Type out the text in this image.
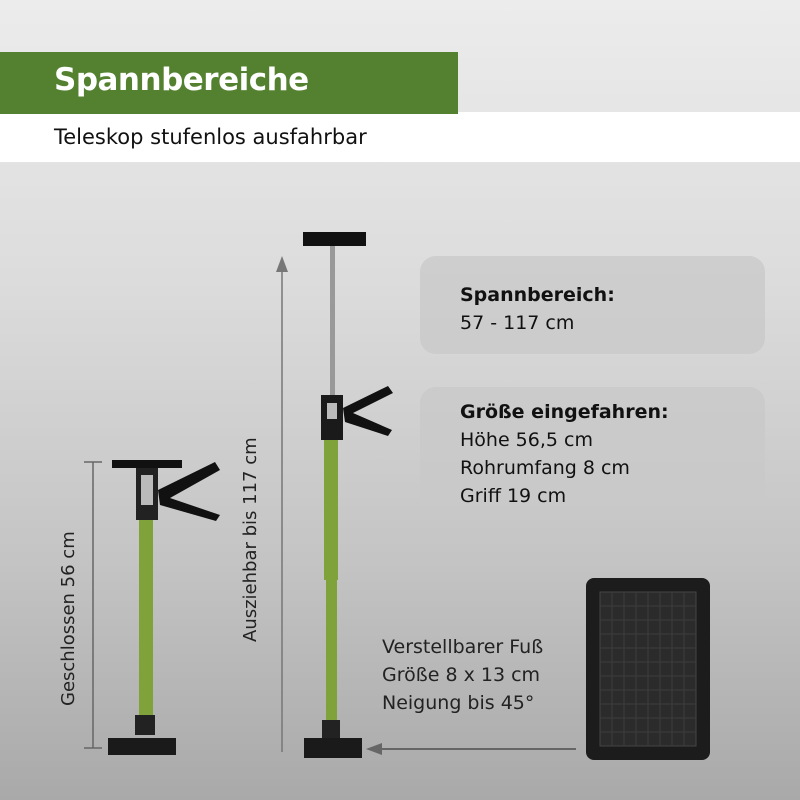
Spannbereiche
Teleskop stufenlos ausfahrbar
Spannbereich:
57 - 117 cm
Größe eingefahren:
Höhe 56,5 cm
Rohrumfang 8 cm
Griff 19 cm
Geschlossen 56 cm	Ausziehbar bis 117 cm
Verstellbarer Fuß
Größe 8 x 13 cm
Neigung bis 45°
